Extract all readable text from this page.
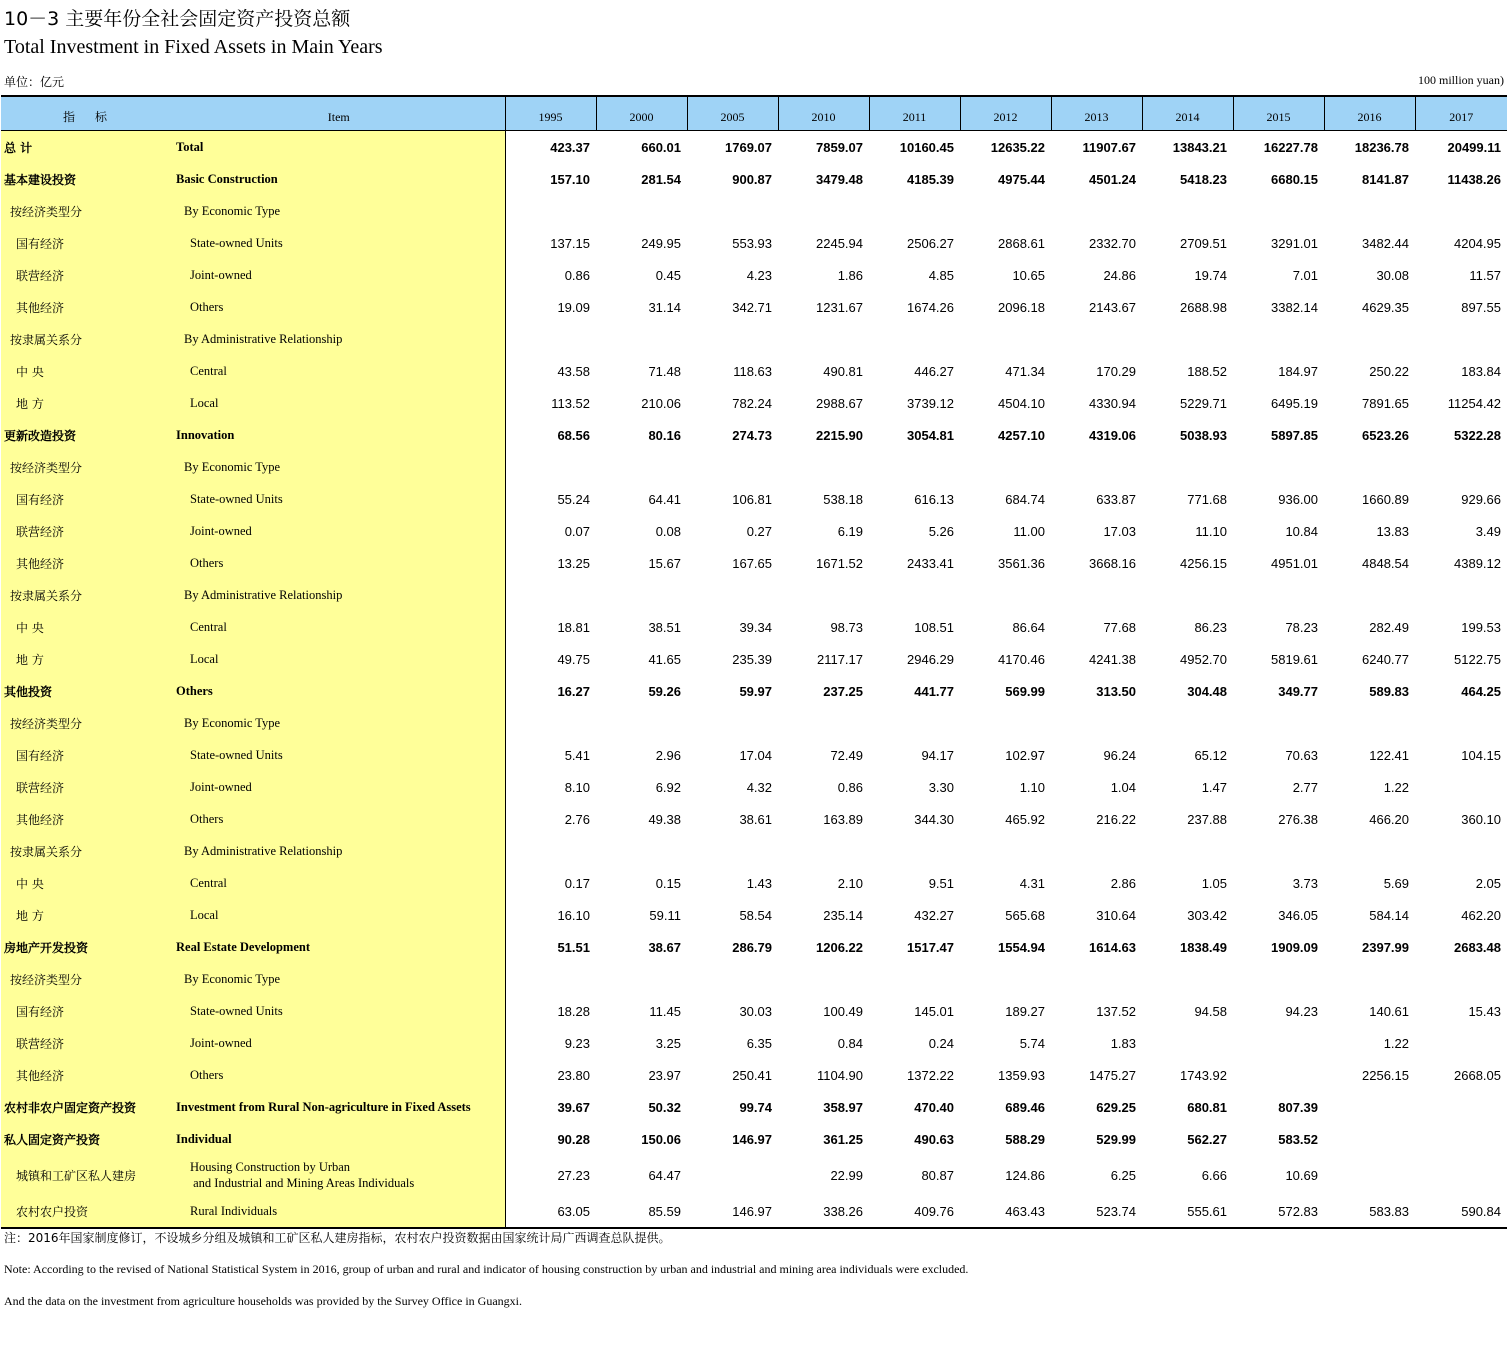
10－3 主要年份全社会固定资产投资总额
Total Investment in Fixed Assets in Main Years
单位：亿元	100 million yuan)
指标	Item	1995	2000	2005	2010	2011	2012	2013	2014	2015	2016	2017
总 计	Total	423.37	660.01	1769.07	7859.07	10160.45	12635.22	11907.67	13843.21	16227.78	18236.78	20499.11
基本建设投资	Basic Construction	157.10	281.54	900.87	3479.48	4185.39	4975.44	4501.24	5418.23	6680.15	8141.87	11438.26
按经济类型分	By Economic Type											
国有经济	State-owned Units	137.15	249.95	553.93	2245.94	2506.27	2868.61	2332.70	2709.51	3291.01	3482.44	4204.95
联营经济	Joint-owned	0.86	0.45	4.23	1.86	4.85	10.65	24.86	19.74	7.01	30.08	11.57
其他经济	Others	19.09	31.14	342.71	1231.67	1674.26	2096.18	2143.67	2688.98	3382.14	4629.35	897.55
按隶属关系分	By Administrative Relationship											
中 央	Central	43.58	71.48	118.63	490.81	446.27	471.34	170.29	188.52	184.97	250.22	183.84
地 方	Local	113.52	210.06	782.24	2988.67	3739.12	4504.10	4330.94	5229.71	6495.19	7891.65	11254.42
更新改造投资	Innovation	68.56	80.16	274.73	2215.90	3054.81	4257.10	4319.06	5038.93	5897.85	6523.26	5322.28
按经济类型分	By Economic Type											
国有经济	State-owned Units	55.24	64.41	106.81	538.18	616.13	684.74	633.87	771.68	936.00	1660.89	929.66
联营经济	Joint-owned	0.07	0.08	0.27	6.19	5.26	11.00	17.03	11.10	10.84	13.83	3.49
其他经济	Others	13.25	15.67	167.65	1671.52	2433.41	3561.36	3668.16	4256.15	4951.01	4848.54	4389.12
按隶属关系分	By Administrative Relationship											
中 央	Central	18.81	38.51	39.34	98.73	108.51	86.64	77.68	86.23	78.23	282.49	199.53
地 方	Local	49.75	41.65	235.39	2117.17	2946.29	4170.46	4241.38	4952.70	5819.61	6240.77	5122.75
其他投资	Others	16.27	59.26	59.97	237.25	441.77	569.99	313.50	304.48	349.77	589.83	464.25
按经济类型分	By Economic Type											
国有经济	State-owned Units	5.41	2.96	17.04	72.49	94.17	102.97	96.24	65.12	70.63	122.41	104.15
联营经济	Joint-owned	8.10	6.92	4.32	0.86	3.30	1.10	1.04	1.47	2.77	1.22	
其他经济	Others	2.76	49.38	38.61	163.89	344.30	465.92	216.22	237.88	276.38	466.20	360.10
按隶属关系分	By Administrative Relationship											
中 央	Central	0.17	0.15	1.43	2.10	9.51	4.31	2.86	1.05	3.73	5.69	2.05
地 方	Local	16.10	59.11	58.54	235.14	432.27	565.68	310.64	303.42	346.05	584.14	462.20
房地产开发投资	Real Estate Development	51.51	38.67	286.79	1206.22	1517.47	1554.94	1614.63	1838.49	1909.09	2397.99	2683.48
按经济类型分	By Economic Type											
国有经济	State-owned Units	18.28	11.45	30.03	100.49	145.01	189.27	137.52	94.58	94.23	140.61	15.43
联营经济	Joint-owned	9.23	3.25	6.35	0.84	0.24	5.74	1.83			1.22	
其他经济	Others	23.80	23.97	250.41	1104.90	1372.22	1359.93	1475.27	1743.92		2256.15	2668.05
农村非农户固定资产投资	Investment from Rural Non-agriculture in Fixed Assets	39.67	50.32	99.74	358.97	470.40	689.46	629.25	680.81	807.39		
私人固定资产投资	Individual	90.28	150.06	146.97	361.25	490.63	588.29	529.99	562.27	583.52		
城镇和工矿区私人建房	Housing Construction by Urban
and Industrial and Mining Areas Individuals	27.23	64.47		22.99	80.87	124.86	6.25	6.66	10.69		
农村农户投资	Rural Individuals	63.05	85.59	146.97	338.26	409.76	463.43	523.74	555.61	572.83	583.83	590.84
注：2016年国家制度修订，不设城乡分组及城镇和工矿区私人建房指标，农村农户投资数据由国家统计局广西调查总队提供。
Note: According to the revised of National Statistical System in 2016, group of urban and rural and indicator of housing construction by urban and industrial and mining area individuals were excluded.
And the data on the investment from agriculture households was provided by the Survey Office in Guangxi.
